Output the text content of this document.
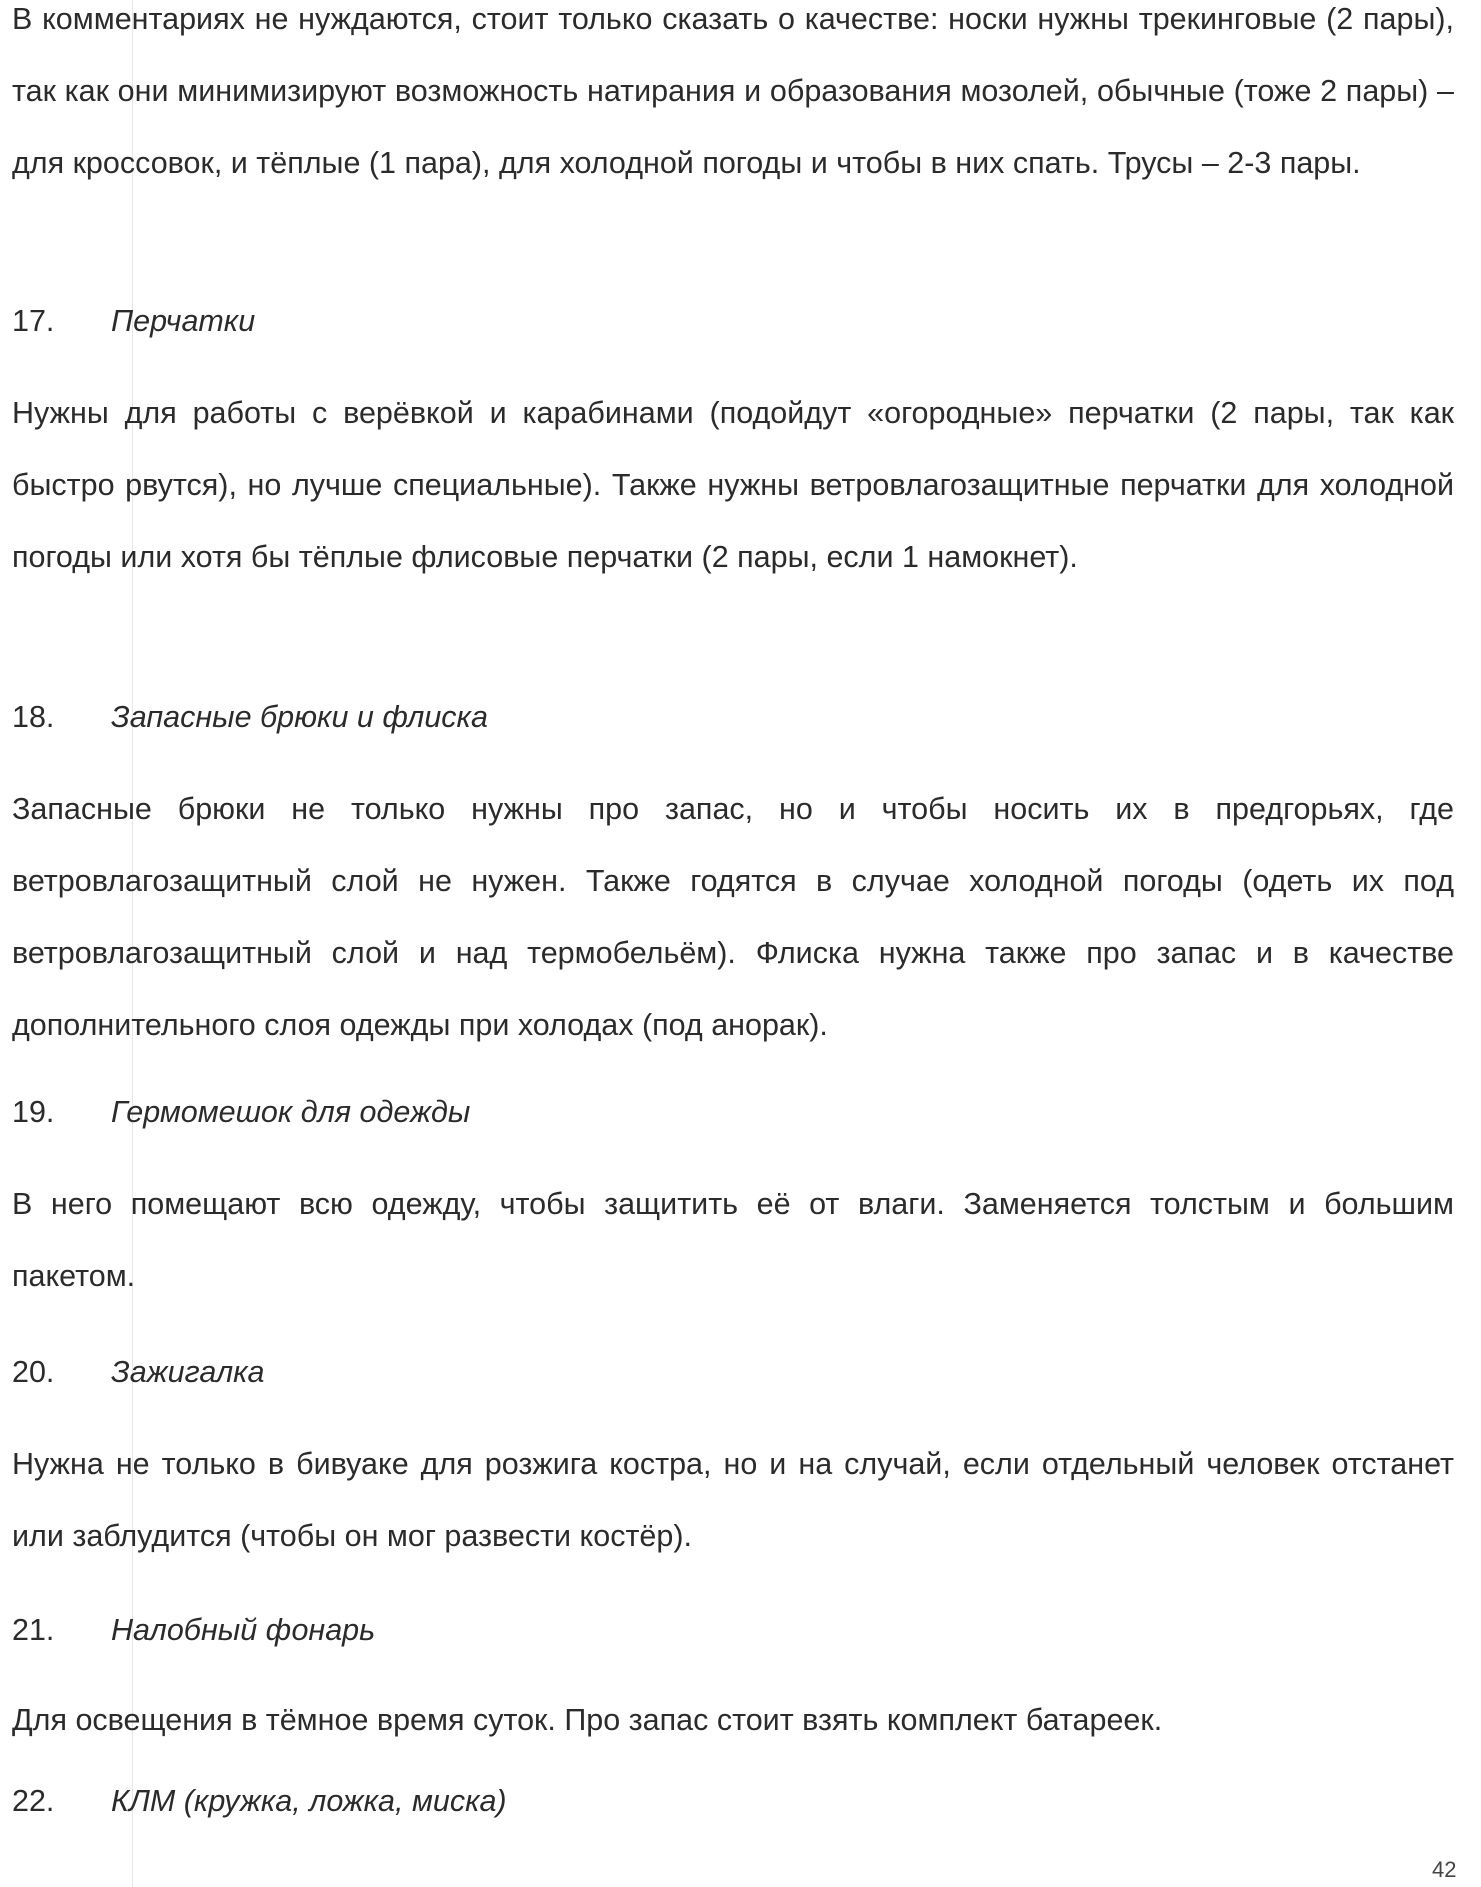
В комментариях не нуждаются, стоит только сказать о качестве: носки нужны трекинговые (2 пары), так как они минимизируют возможность натирания и образования мозолей, обычные (тоже 2 пары) – для кроссовок, и тёплые (1 пара), для холодной погоды и чтобы в них спать. Трусы – 2-3 пары.

17. Перчатки

Нужны для работы с верёвкой и карабинами (подойдут «огородные» перчатки (2 пары, так как быстро рвутся), но лучше специальные). Также нужны ветровлагозащитные перчатки для холодной погоды или хотя бы тёплые флисовые перчатки (2 пары, если 1 намокнет).

18. Запасные брюки и флиска

Запасные брюки не только нужны про запас, но и чтобы носить их в предгорьях, где ветровлагозащитный слой не нужен. Также годятся в случае холодной погоды (одеть их под ветровлагозащитный слой и над термобельём). Флиска нужна также про запас и в качестве дополнительного слоя одежды при холодах (под анорак).

19. Гермомешок для одежды

В него помещают всю одежду, чтобы защитить её от влаги. Заменяется толстым и большим пакетом.

20. Зажигалка

Нужна не только в бивуаке для розжига костра, но и на случай, если отдельный человек отстанет или заблудится (чтобы он мог развести костёр).

21. Налобный фонарь

Для освещения в тёмное время суток. Про запас стоит взять комплект батареек.

22. КЛМ (кружка, ложка, миска)
42
